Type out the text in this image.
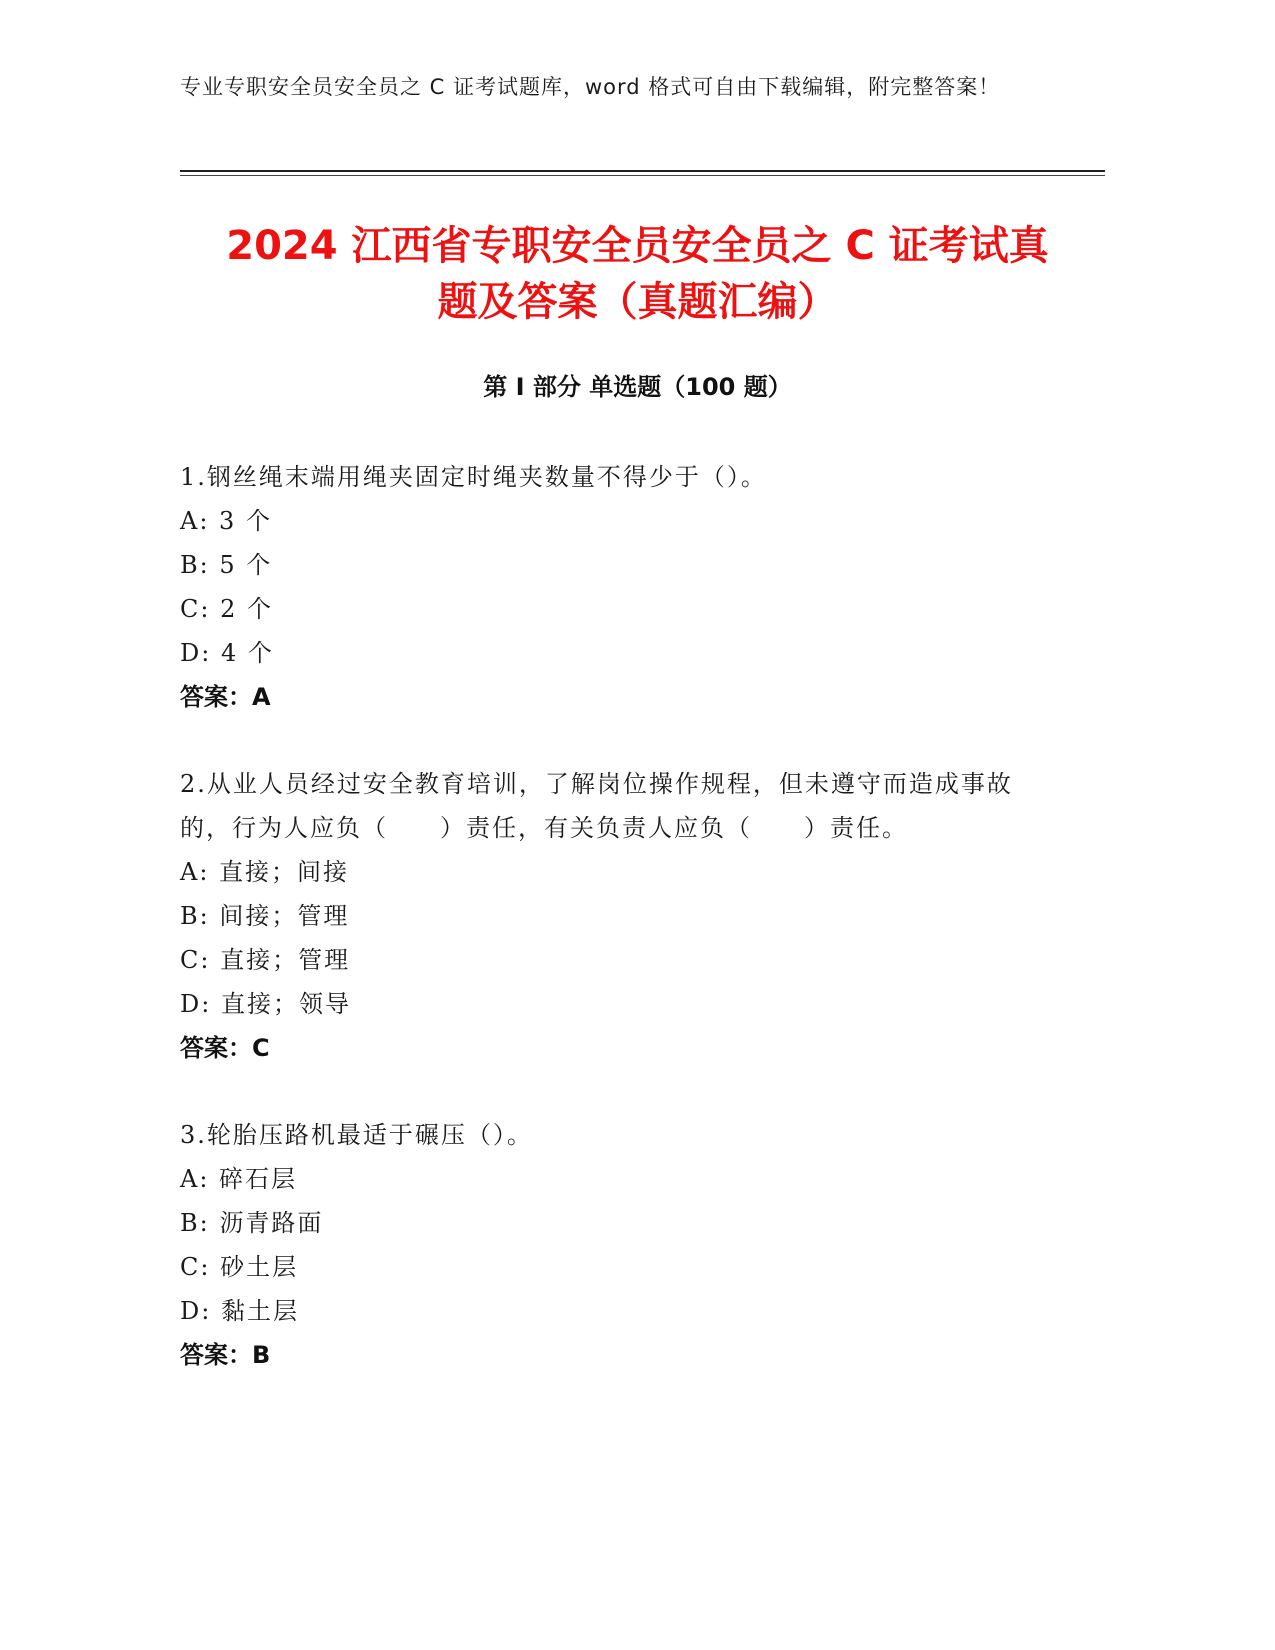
专业专职安全员安全员之 C 证考试题库，word 格式可自由下载编辑，附完整答案！
2024 江西省专职安全员安全员之 C 证考试真
题及答案（真题汇编）
第 I 部分 单选题（100 题）
1.钢丝绳末端用绳夹固定时绳夹数量不得少于（）。
A: 3 个
B: 5 个
C: 2 个
D: 4 个
答案：A
2.从业人员经过安全教育培训，了解岗位操作规程，但未遵守而造成事故的，行为人应负（　　）责任，有关负责人应负（　　）责任。
A: 直接；间接
B: 间接；管理
C: 直接；管理
D: 直接；领导
答案：C
3.轮胎压路机最适于碾压（）。
A: 碎石层
B: 沥青路面
C: 砂土层
D: 黏土层
答案：B
